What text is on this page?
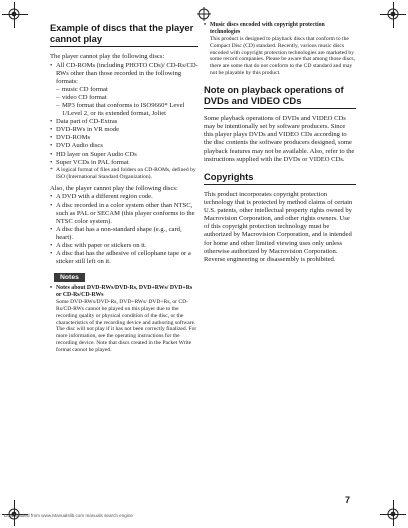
Example of discs that the player cannot play

The player cannot play the following discs:

• All CD-ROMs (including PHOTO CDs)/ CD-Rs/CD-RWs other than those recorded in the following formats:
– music CD format
– video CD format
– MP3 format that conforms to ISO9660* Level 1/Level 2, or its extended format, Joliet
• Data part of CD-Extras
• DVD-RWs in VR mode
• DVD-ROMs
• DVD Audio discs
• HD layer on Super Audio CDs
• Super VCDs in PAL format
* A logical format of files and folders on CD-ROMs, defined by ISO (International Standard Organization).

Also, the player cannot play the following discs:

• A DVD with a different region code.
• A disc recorded in a color system other than NTSC, such as PAL or SECAM (this player conforms to the NTSC color system).
• A disc that has a non-standard shape (e.g., card, heart).
• A disc with paper or stickers on it.
• A disc that has the adhesive of cellophane tape or a sticker still left on it.
Notes
• Notes about DVD-RWs/DVD-Rs, DVD+RWs/ DVD+Rs or CD-Rs/CD-RWs

Some DVD-RWs/DVD-Rs, DVD+RWs/ DVD+Rs, or CD-Rs/CD-RWs cannot be played on this player due to the recording quality or physical condition of the disc, or the characteristics of the recording device and authoring software.

The disc will not play if it has not been correctly finalized. For more information, see the operating instructions for the recording device. Note that discs created in the Packet Write format cannot be played.

• Music discs encoded with copyright protection technologies

This product is designed to playback discs that conform to the Compact Disc (CD) standard. Recently, various music discs encoded with copyright protection technologies are marketed by some record companies. Please be aware that among those discs, there are some that do not conform to the CD standard and may not be playable by this product.

Note on playback operations of DVDs and VIDEO CDs

Some playback operations of DVDs and VIDEO CDs may be intentionally set by software producers. Since this player plays DVDs and VIDEO CDs according to the disc contents the software producers designed, some playback features may not be available. Also, refer to the instructions supplied with the DVDs or VIDEO CDs.

Copyrights

This product incorporates copyright protection technology that is protected by method claims of certain U.S. patents, other intellectual property rights owned by Macrovision Corporation, and other rights owners. Use of this copyright protection technology must be authorized by Macrovision Corporation, and is intended for home and other limited viewing uses only unless otherwise authorized by Macrovision Corporation. Reverse engineering or disassembly is prohibited.

7
Downloaded from www.Manualslib.com manuals search engine
